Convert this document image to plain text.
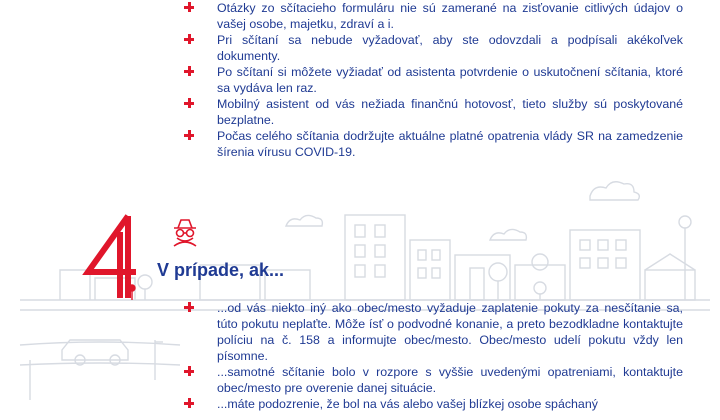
Otázky zo sčítacieho formuláru nie sú zamerané na zisťovanie citlivých údajov o vašej osobe, majetku, zdraví a i.
Pri sčítaní sa nebude vyžadovať, aby ste odovzdali a podpísali akékoľvek dokumenty.
Po sčítaní si môžete vyžiadať od asistenta potvrdenie o uskutočnení sčítania, ktoré sa vydáva len raz.
Mobilný asistent od vás nežiada finančnú hotovosť, tieto služby sú poskytované bezplatne.
Počas celého sčítania dodržujte aktuálne platné opatrenia vlády SR na zamedzenie šírenia vírusu COVID-19.
4
V prípade, ak...
...od vás niekto iný ako obec/mesto vyžaduje zaplatenie pokuty za nesčítanie sa, túto pokutu neplaťte. Môže ísť o podvodné konanie, a preto bezodkladne kontaktujte políciu na č. 158 a informujte obec/mesto. Obec/mesto udelí pokutu vždy len písomne.
...samotné sčítanie bolo v rozpore s vyššie uvedenými opatreniami, kontaktujte obec/mesto pre overenie danej situácie.
...máte podozrenie, že bol na vás alebo vašej blízkej osobe spáchaný
